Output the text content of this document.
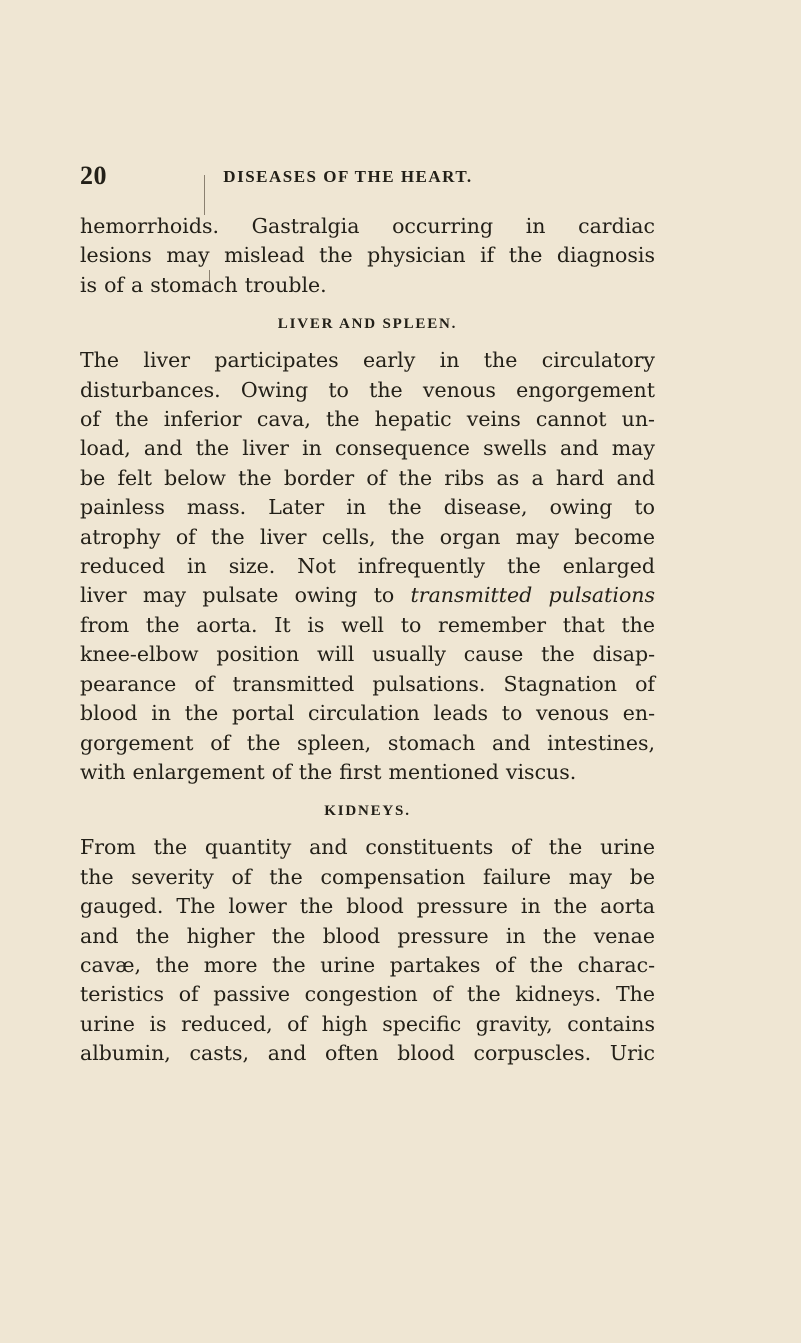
20	DISEASES OF THE HEART.

hemorrhoids. Gastralgia occurring in cardiac
lesions may mislead the physician if the diagnosis
is of a stomach trouble.

LIVER AND SPLEEN.

The liver participates early in the circulatory
disturbances. Owing to the venous engorgement
of the inferior cava, the hepatic veins cannot un-
load, and the liver in consequence swells and may
be felt below the border of the ribs as a hard and
painless mass. Later in the disease, owing to
atrophy of the liver cells, the organ may become
reduced in size. Not infrequently the enlarged
liver may pulsate owing to transmitted pulsations
from the aorta. It is well to remember that the
knee-elbow position will usually cause the disap-
pearance of transmitted pulsations. Stagnation of
blood in the portal circulation leads to venous en-
gorgement of the spleen, stomach and intestines,
with enlargement of the first mentioned viscus.

KIDNEYS.

From the quantity and constituents of the urine
the severity of the compensation failure may be
gauged. The lower the blood pressure in the aorta
and the higher the blood pressure in the venae
cavæ, the more the urine partakes of the charac-
teristics of passive congestion of the kidneys. The
urine is reduced, of high specific gravity, contains
albumin, casts, and often blood corpuscles. Uric
